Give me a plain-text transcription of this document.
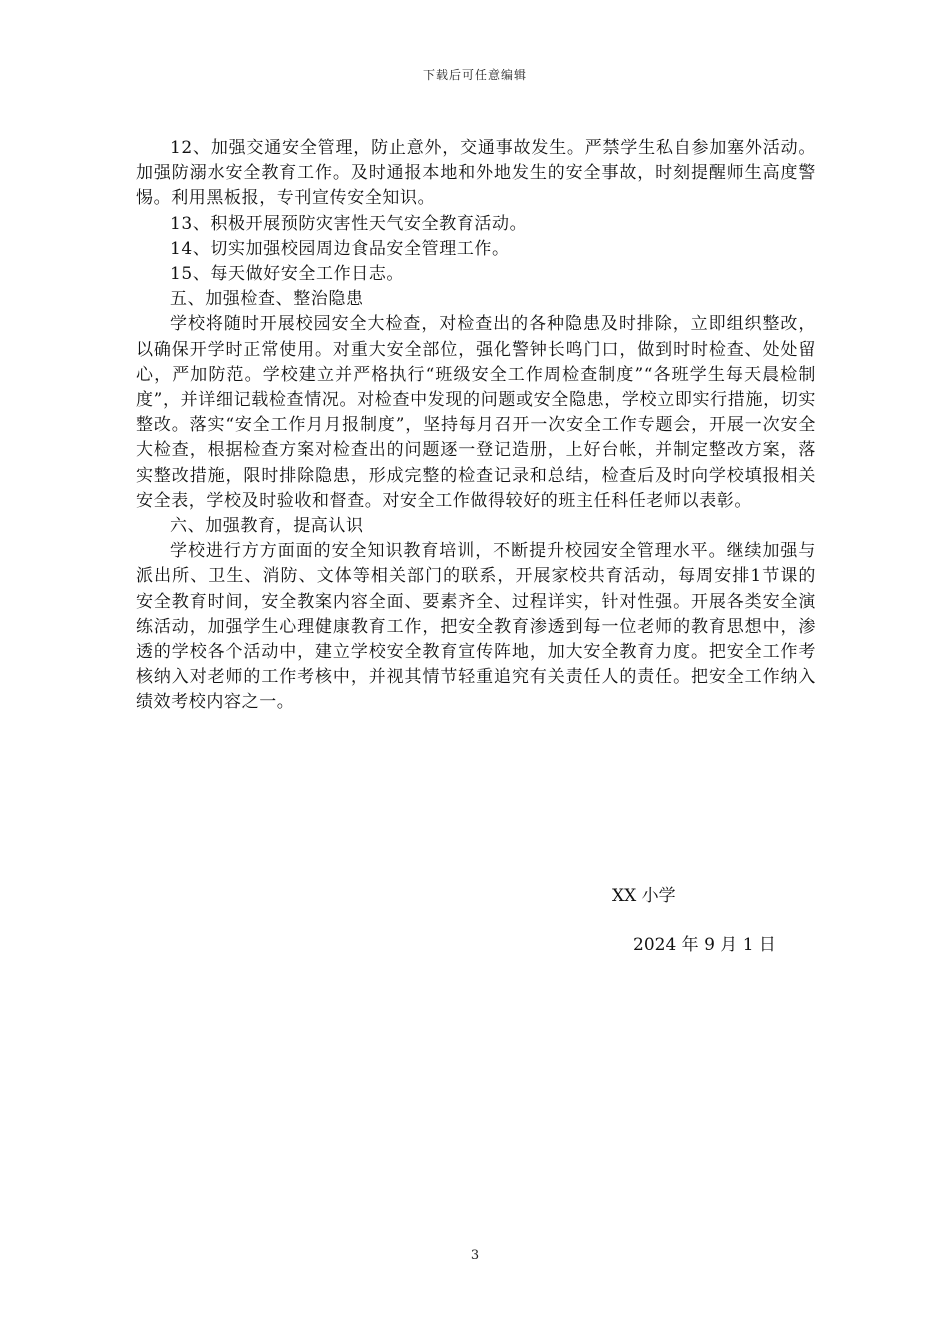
下载后可任意编辑

12、加强交通安全管理，防止意外，交通事故发生。严禁学生私自参加塞外活动。加强防溺水安全教育工作。及时通报本地和外地发生的安全事故，时刻提醒师生高度警惕。利用黑板报，专刊宣传安全知识。

13、积极开展预防灾害性天气安全教育活动。

14、切实加强校园周边食品安全管理工作。

15、每天做好安全工作日志。

五、加强检查、整治隐患

学校将随时开展校园安全大检查，对检查出的各种隐患及时排除，立即组织整改，以确保开学时正常使用。对重大安全部位，强化警钟长鸣门口，做到时时检查、处处留心，严加防范。学校建立并严格执行“班级安全工作周检查制度”“各班学生每天晨检制度”，并详细记载检查情况。对检查中发现的问题或安全隐患，学校立即实行措施，切实整改。落实“安全工作月月报制度”，坚持每月召开一次安全工作专题会，开展一次安全大检查，根据检查方案对检查出的问题逐一登记造册，上好台帐，并制定整改方案，落实整改措施，限时排除隐患，形成完整的检查记录和总结，检查后及时向学校填报相关安全表，学校及时验收和督查。对安全工作做得较好的班主任科任老师以表彰。

六、加强教育，提高认识

学校进行方方面面的安全知识教育培训，不断提升校园安全管理水平。继续加强与派出所、卫生、消防、文体等相关部门的联系，开展家校共育活动，每周安排1节课的安全教育时间，安全教案内容全面、要素齐全、过程详实，针对性强。开展各类安全演练活动，加强学生心理健康教育工作，把安全教育渗透到每一位老师的教育思想中，渗透的学校各个活动中，建立学校安全教育宣传阵地，加大安全教育力度。把安全工作考核纳入对老师的工作考核中，并视其情节轻重追究有关责任人的责任。把安全工作纳入绩效考校内容之一。

XX 小学
2024 年 9 月 1 日
3
